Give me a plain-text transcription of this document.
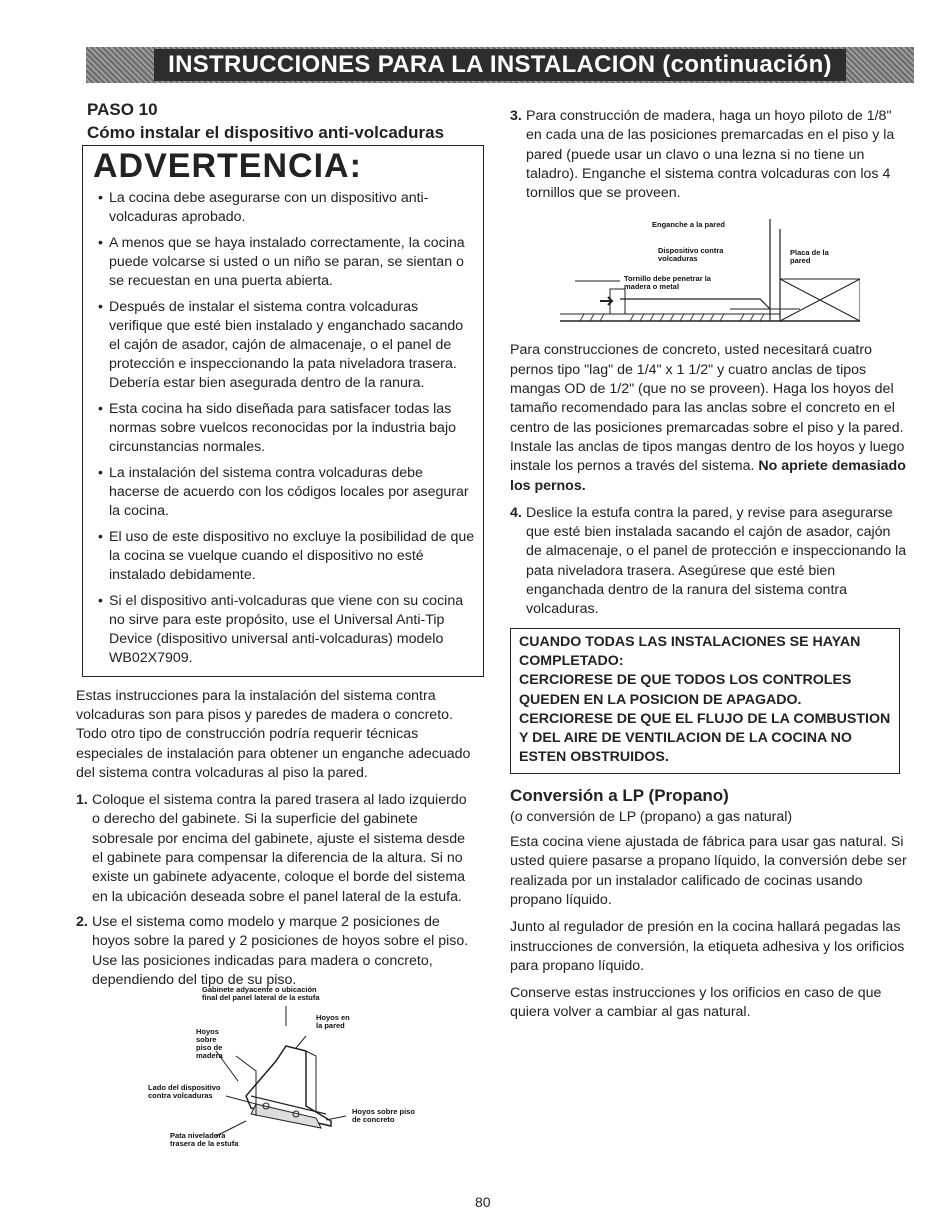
INSTRUCCIONES PARA LA INSTALACION (continuación)
PASO 10
Cómo instalar el dispositivo anti-volcaduras
ADVERTENCIA:
• La cocina debe asegurarse con un dispositivo anti-volcaduras aprobado.
• A menos que se haya instalado correctamente, la cocina puede volcarse si usted o un niño se paran, se sientan o se recuestan en una puerta abierta.
• Después de instalar el sistema contra volcaduras verifique que esté bien instalado y enganchado sacando el cajón de asador, cajón de almacenaje, o el panel de protección e inspeccionando la pata niveladora trasera. Debería estar bien asegurada dentro de la ranura.
• Esta cocina ha sido diseñada para satisfacer todas las normas sobre vuelcos reconocidas por la industria bajo circunstancias normales.
• La instalación del sistema contra volcaduras debe hacerse de acuerdo con los códigos locales por asegurar la cocina.
• El uso de este dispositivo no excluye la posibilidad de que la cocina se vuelque cuando el dispositivo no esté instalado debidamente.
• Si el dispositivo anti-volcaduras que viene con su cocina no sirve para este propósito, use el Universal Anti-Tip Device (dispositivo universal anti-volcaduras) modelo WB02X7909.

Estas instrucciones para la instalación del sistema contra volcaduras son para pisos y paredes de madera o concreto. Todo otro tipo de construcción podría requerir técnicas especiales de instalación para obtener un enganche adecuado del sistema contra volcaduras al piso la pared.

1. Coloque el sistema contra la pared trasera al lado izquierdo o derecho del gabinete. Si la superficie del gabinete sobresale por encima del gabinete, ajuste el sistema desde el gabinete para compensar la diferencia de la altura. Si no existe un gabinete adyacente, coloque el borde del sistema en la ubicación deseada sobre el panel lateral de la estufa.
2. Use el sistema como modelo y marque 2 posiciones de hoyos sobre la pared y 2 posiciones de hoyos sobre el piso. Use las posiciones indicadas para madera o concreto, dependiendo del tipo de su piso.
Gabinete adyacente o ubicación final del panel lateral de la estufa
Hoyos sobre piso de madera
Hoyos en la pared
Lado del dispositivo contra volcaduras
Hoyos sobre piso de concreto
Pata niveladora trasera de la estufa
3. Para construcción de madera, haga un hoyo piloto de 1/8" en cada una de las posiciones premarcadas en el piso y la pared (puede usar un clavo o una lezna si no tiene un taladro). Enganche el sistema contra volcaduras con los 4 tornillos que se proveen.
Enganche a la pared
Dispositivo contra volcaduras
Placa de la pared
Tornillo debe penetrar la madera o metal

Para construcciones de concreto, usted necesitará cuatro pernos tipo "lag" de 1/4" x 1 1/2" y cuatro anclas de tipos mangas OD de 1/2" (que no se proveen). Haga los hoyos del tamaño recomendado para las anclas sobre el concreto en el centro de las posiciones premarcadas sobre el piso y la pared. Instale las anclas de tipos mangas dentro de los hoyos y luego instale los pernos a través del sistema. No apriete demasiado los pernos.

4. Deslice la estufa contra la pared, y revise para asegurarse que esté bien instalada sacando el cajón de asador, cajón de almacenaje, o el panel de protección e inspeccionando la pata niveladora trasera. Asegúrese que esté bien enganchada dentro de la ranura del sistema contra volcaduras.
CUANDO TODAS LAS INSTALACIONES SE HAYAN COMPLETADO:
CERCIORESE DE QUE TODOS LOS CONTROLES QUEDEN EN LA POSICION DE APAGADO.
CERCIORESE DE QUE EL FLUJO DE LA COMBUSTION Y DEL AIRE DE VENTILACION DE LA COCINA NO ESTEN OBSTRUIDOS.
Conversión a LP (Propano)

(o conversión de LP (propano) a gas natural)

Esta cocina viene ajustada de fábrica para usar gas natural. Si usted quiere pasarse a propano líquido, la conversión debe ser realizada por un instalador calificado de cocinas usando propano líquido.

Junto al regulador de presión en la cocina hallará pegadas las instrucciones de conversión, la etiqueta adhesiva y los orificios para propano líquido.

Conserve estas instrucciones y los orificios en caso de que quiera volver a cambiar al gas natural.

80
